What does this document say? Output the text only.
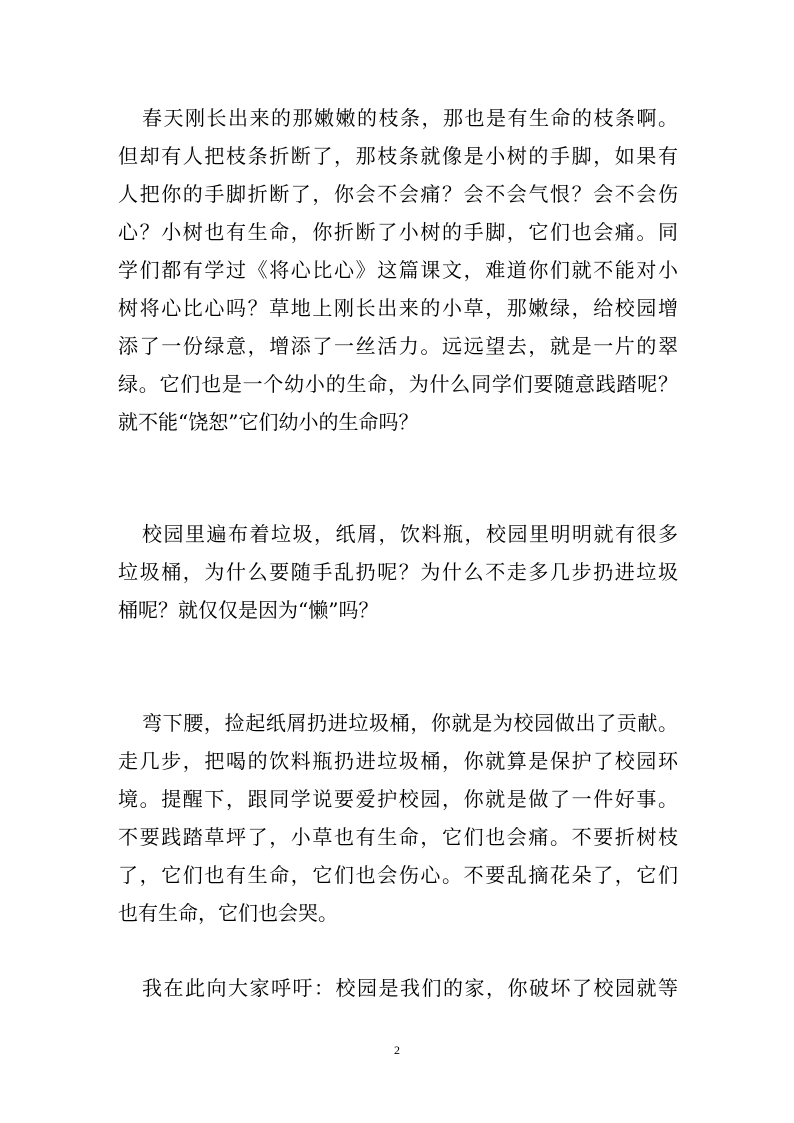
春天刚长出来的那嫩嫩的枝条，那也是有生命的枝条啊。
但却有人把枝条折断了，那枝条就像是小树的手脚，如果有
人把你的手脚折断了，你会不会痛？会不会气恨？会不会伤
心？小树也有生命，你折断了小树的手脚，它们也会痛。同
学们都有学过《将心比心》这篇课文，难道你们就不能对小
树将心比心吗？草地上刚长出来的小草，那嫩绿，给校园增
添了一份绿意，增添了一丝活力。远远望去，就是一片的翠
绿。它们也是一个幼小的生命，为什么同学们要随意践踏呢？
就不能“饶恕”它们幼小的生命吗？
校园里遍布着垃圾，纸屑，饮料瓶，校园里明明就有很多
垃圾桶，为什么要随手乱扔呢？为什么不走多几步扔进垃圾
桶呢？就仅仅是因为“懒”吗？
弯下腰，捡起纸屑扔进垃圾桶，你就是为校园做出了贡献。
走几步，把喝的饮料瓶扔进垃圾桶，你就算是保护了校园环
境。提醒下，跟同学说要爱护校园，你就是做了一件好事。
不要践踏草坪了，小草也有生命，它们也会痛。不要折树枝
了，它们也有生命，它们也会伤心。不要乱摘花朵了，它们
也有生命，它们也会哭。
我在此向大家呼吁：校园是我们的家，你破坏了校园就等
2
